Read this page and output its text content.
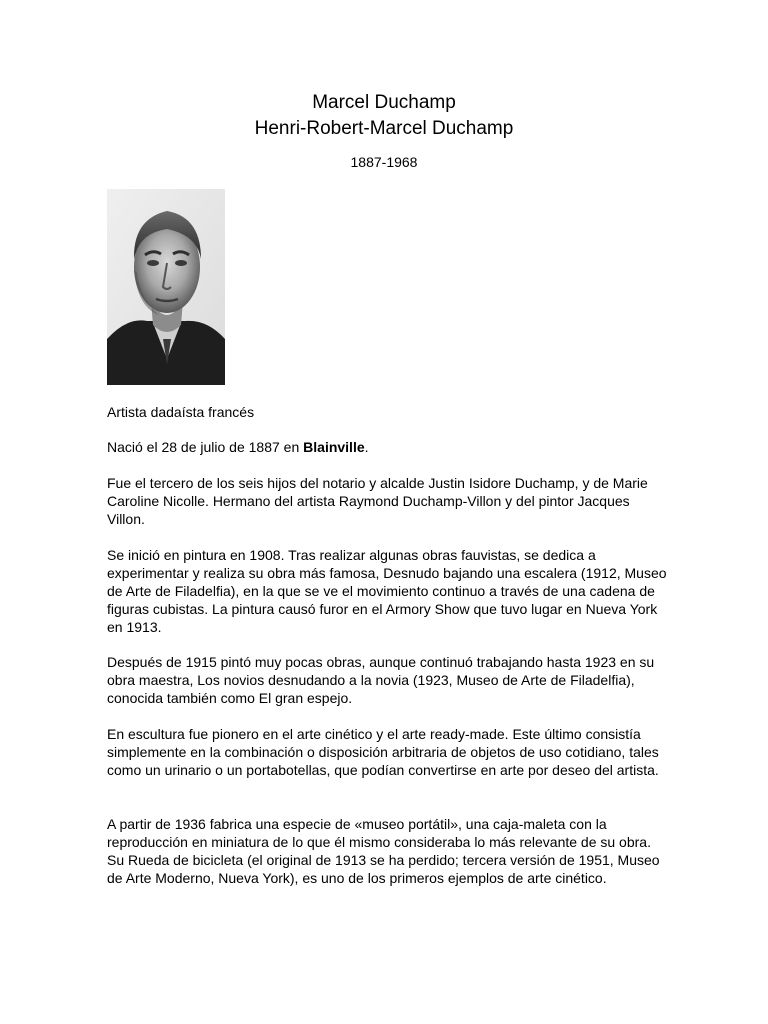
Marcel Duchamp
Henri-Robert-Marcel Duchamp
1887-1968

Artista dadaísta francés

Nació el 28 de julio de 1887 en Blainville.

Fue el tercero de los seis hijos del notario y alcalde Justin Isidore Duchamp, y de Marie Caroline Nicolle. Hermano del artista Raymond Duchamp-Villon y del pintor Jacques Villon.

Se inició en pintura en 1908. Tras realizar algunas obras fauvistas, se dedica a experimentar y realiza su obra más famosa, Desnudo bajando una escalera (1912, Museo de Arte de Filadelfia), en la que se ve el movimiento continuo a través de una cadena de figuras cubistas. La pintura causó furor en el Armory Show que tuvo lugar en Nueva York en 1913.

Después de 1915 pintó muy pocas obras, aunque continuó trabajando hasta 1923 en su obra maestra, Los novios desnudando a la novia (1923, Museo de Arte de Filadelfia), conocida también como El gran espejo.

En escultura fue pionero en el arte cinético y el arte ready-made. Este último consistía simplemente en la combinación o disposición arbitraria de objetos de uso cotidiano, tales como un urinario o un portabotellas, que podían convertirse en arte por deseo del artista.

A partir de 1936 fabrica una especie de «museo portátil», una caja-maleta con la reproducción en miniatura de lo que él mismo consideraba lo más relevante de su obra. Su Rueda de bicicleta (el original de 1913 se ha perdido; tercera versión de 1951, Museo de Arte Moderno, Nueva York), es uno de los primeros ejemplos de arte cinético.
